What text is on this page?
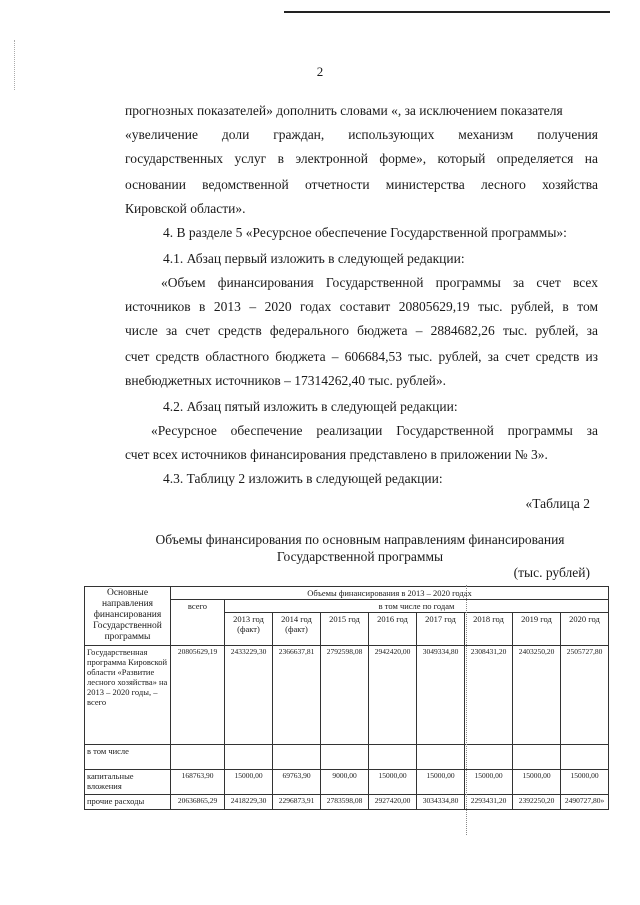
2
прогнозных показателей» дополнить словами «, за исключением показателя
«увеличение доли граждан, использующих механизм получения
государственных услуг в электронной форме», который определяется на
основании ведомственной отчетности министерства лесного хозяйства
Кировской области».
4. В разделе 5 «Ресурсное обеспечение Государственной программы»:
4.1. Абзац первый изложить в следующей редакции:
«Объем финансирования Государственной программы за счет всех
источников в 2013 – 2020 годах составит 20805629,19 тыс. рублей, в том
числе за счет средств федерального бюджета – 2884682,26 тыс. рублей, за
счет средств областного бюджета – 606684,53 тыс. рублей, за счет средств из
внебюджетных источников – 17314262,40 тыс. рублей».
4.2. Абзац пятый изложить в следующей редакции:
«Ресурсное обеспечение реализации Государственной программы за
счет всех источников финансирования представлено в приложении № 3».
4.3. Таблицу 2 изложить в следующей редакции:
«Таблица 2
Объемы финансирования по основным направлениям финансирования
Государственной программы
(тыс. рублей)
Основные направления финансирования Государственной программы	Объемы финансирования в 2013 – 2020 годах								
	всего	в том числе по годам							
		2013 год (факт)	2014 год (факт)	2015 год	2016 год	2017 год	2018 год	2019 год	2020 год
Государственная программа Кировской области «Развитие лесного хозяйства» на 2013 – 2020 годы, – всего	20805629,19	2433229,30	2366637,81	2792598,08	2942420,00	3049334,80	2308431,20	2403250,20	2505727,80
в том числе									
капитальные вложения	168763,90	15000,00	69763,90	9000,00	15000,00	15000,00	15000,00	15000,00	15000,00
прочие расходы	20636865,29	2418229,30	2296873,91	2783598,08	2927420,00	3034334,80	2293431,20	2392250,20	2490727,80»
